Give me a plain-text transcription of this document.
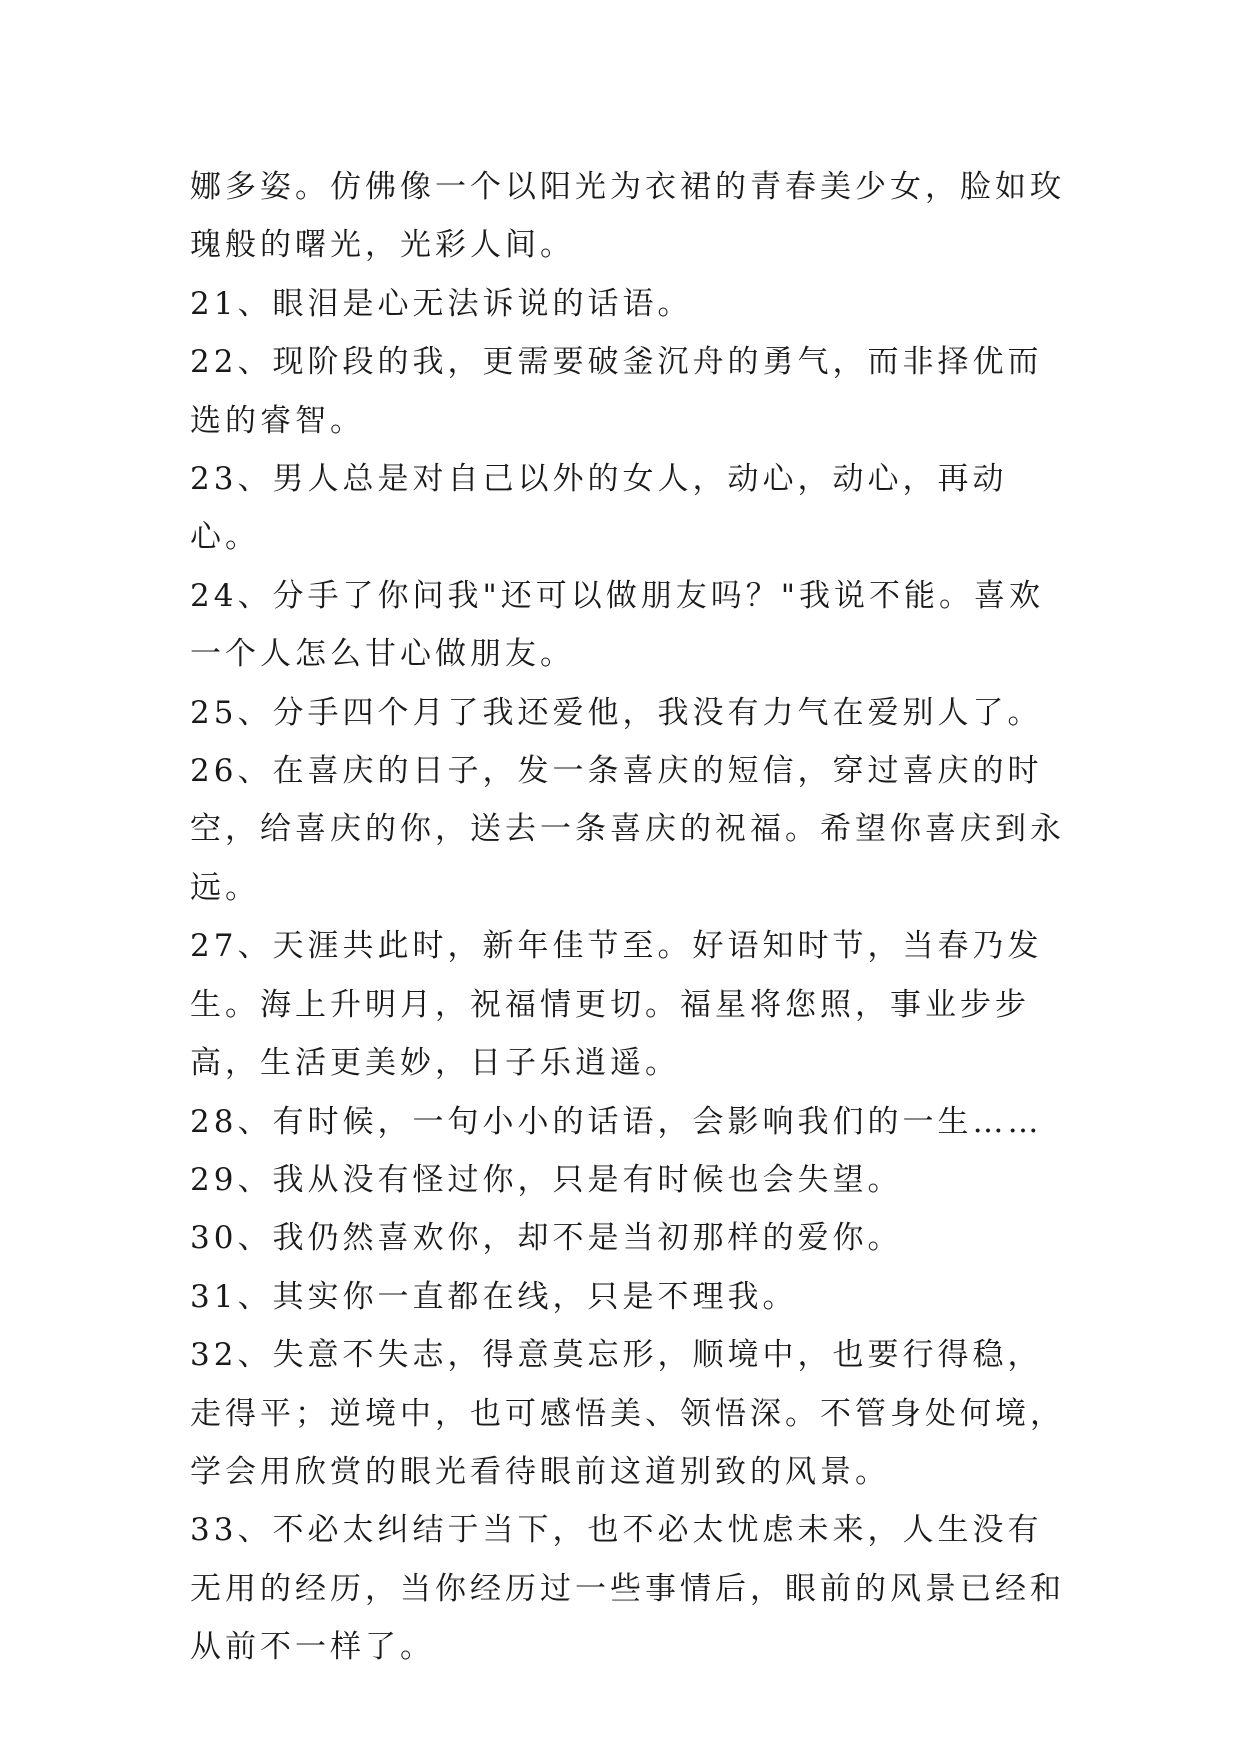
娜多姿。仿佛像一个以阳光为衣裙的青春美少女，脸如玫瑰般的曙光，光彩人间。

21、眼泪是心无法诉说的话语。

22、现阶段的我，更需要破釜沉舟的勇气，而非择优而选的睿智。

23、男人总是对自己以外的女人，动心，动心，再动心。

24、分手了你问我"还可以做朋友吗？"我说不能。喜欢一个人怎么甘心做朋友。

25、分手四个月了我还爱他，我没有力气在爱别人了。

26、在喜庆的日子，发一条喜庆的短信，穿过喜庆的时空，给喜庆的你，送去一条喜庆的祝福。希望你喜庆到永远。

27、天涯共此时，新年佳节至。好语知时节，当春乃发生。海上升明月，祝福情更切。福星将您照，事业步步高，生活更美妙，日子乐逍遥。

28、有时候，一句小小的话语，会影响我们的一生……

29、我从没有怪过你，只是有时候也会失望。

30、我仍然喜欢你，却不是当初那样的爱你。

31、其实你一直都在线，只是不理我。

32、失意不失志，得意莫忘形，顺境中，也要行得稳，走得平；逆境中，也可感悟美、领悟深。不管身处何境，学会用欣赏的眼光看待眼前这道别致的风景。

33、不必太纠结于当下，也不必太忧虑未来，人生没有无用的经历，当你经历过一些事情后，眼前的风景已经和从前不一样了。
